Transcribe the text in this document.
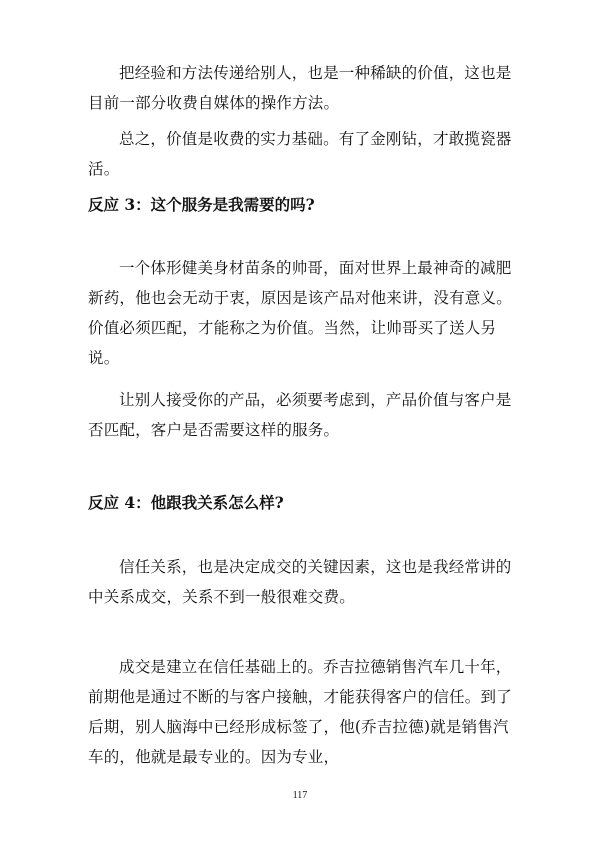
把经验和方法传递给别人，也是一种稀缺的价值，这也是目前一部分收费自媒体的操作方法。

总之，价值是收费的实力基础。有了金刚钻，才敢揽瓷器活。

反应 3：这个服务是我需要的吗?

一个体形健美身材苗条的帅哥，面对世界上最神奇的减肥新药，他也会无动于衷，原因是该产品对他来讲，没有意义。价值必须匹配，才能称之为价值。当然，让帅哥买了送人另说。

让别人接受你的产品，必须要考虑到，产品价值与客户是否匹配，客户是否需要这样的服务。

反应 4：他跟我关系怎么样?

信任关系，也是决定成交的关键因素，这也是我经常讲的中关系成交，关系不到一般很难交费。

成交是建立在信任基础上的。乔吉拉德销售汽车几十年，前期他是通过不断的与客户接触，才能获得客户的信任。到了后期，别人脑海中已经形成标签了，他(乔吉拉德)就是销售汽车的，他就是最专业的。因为专业，

117
